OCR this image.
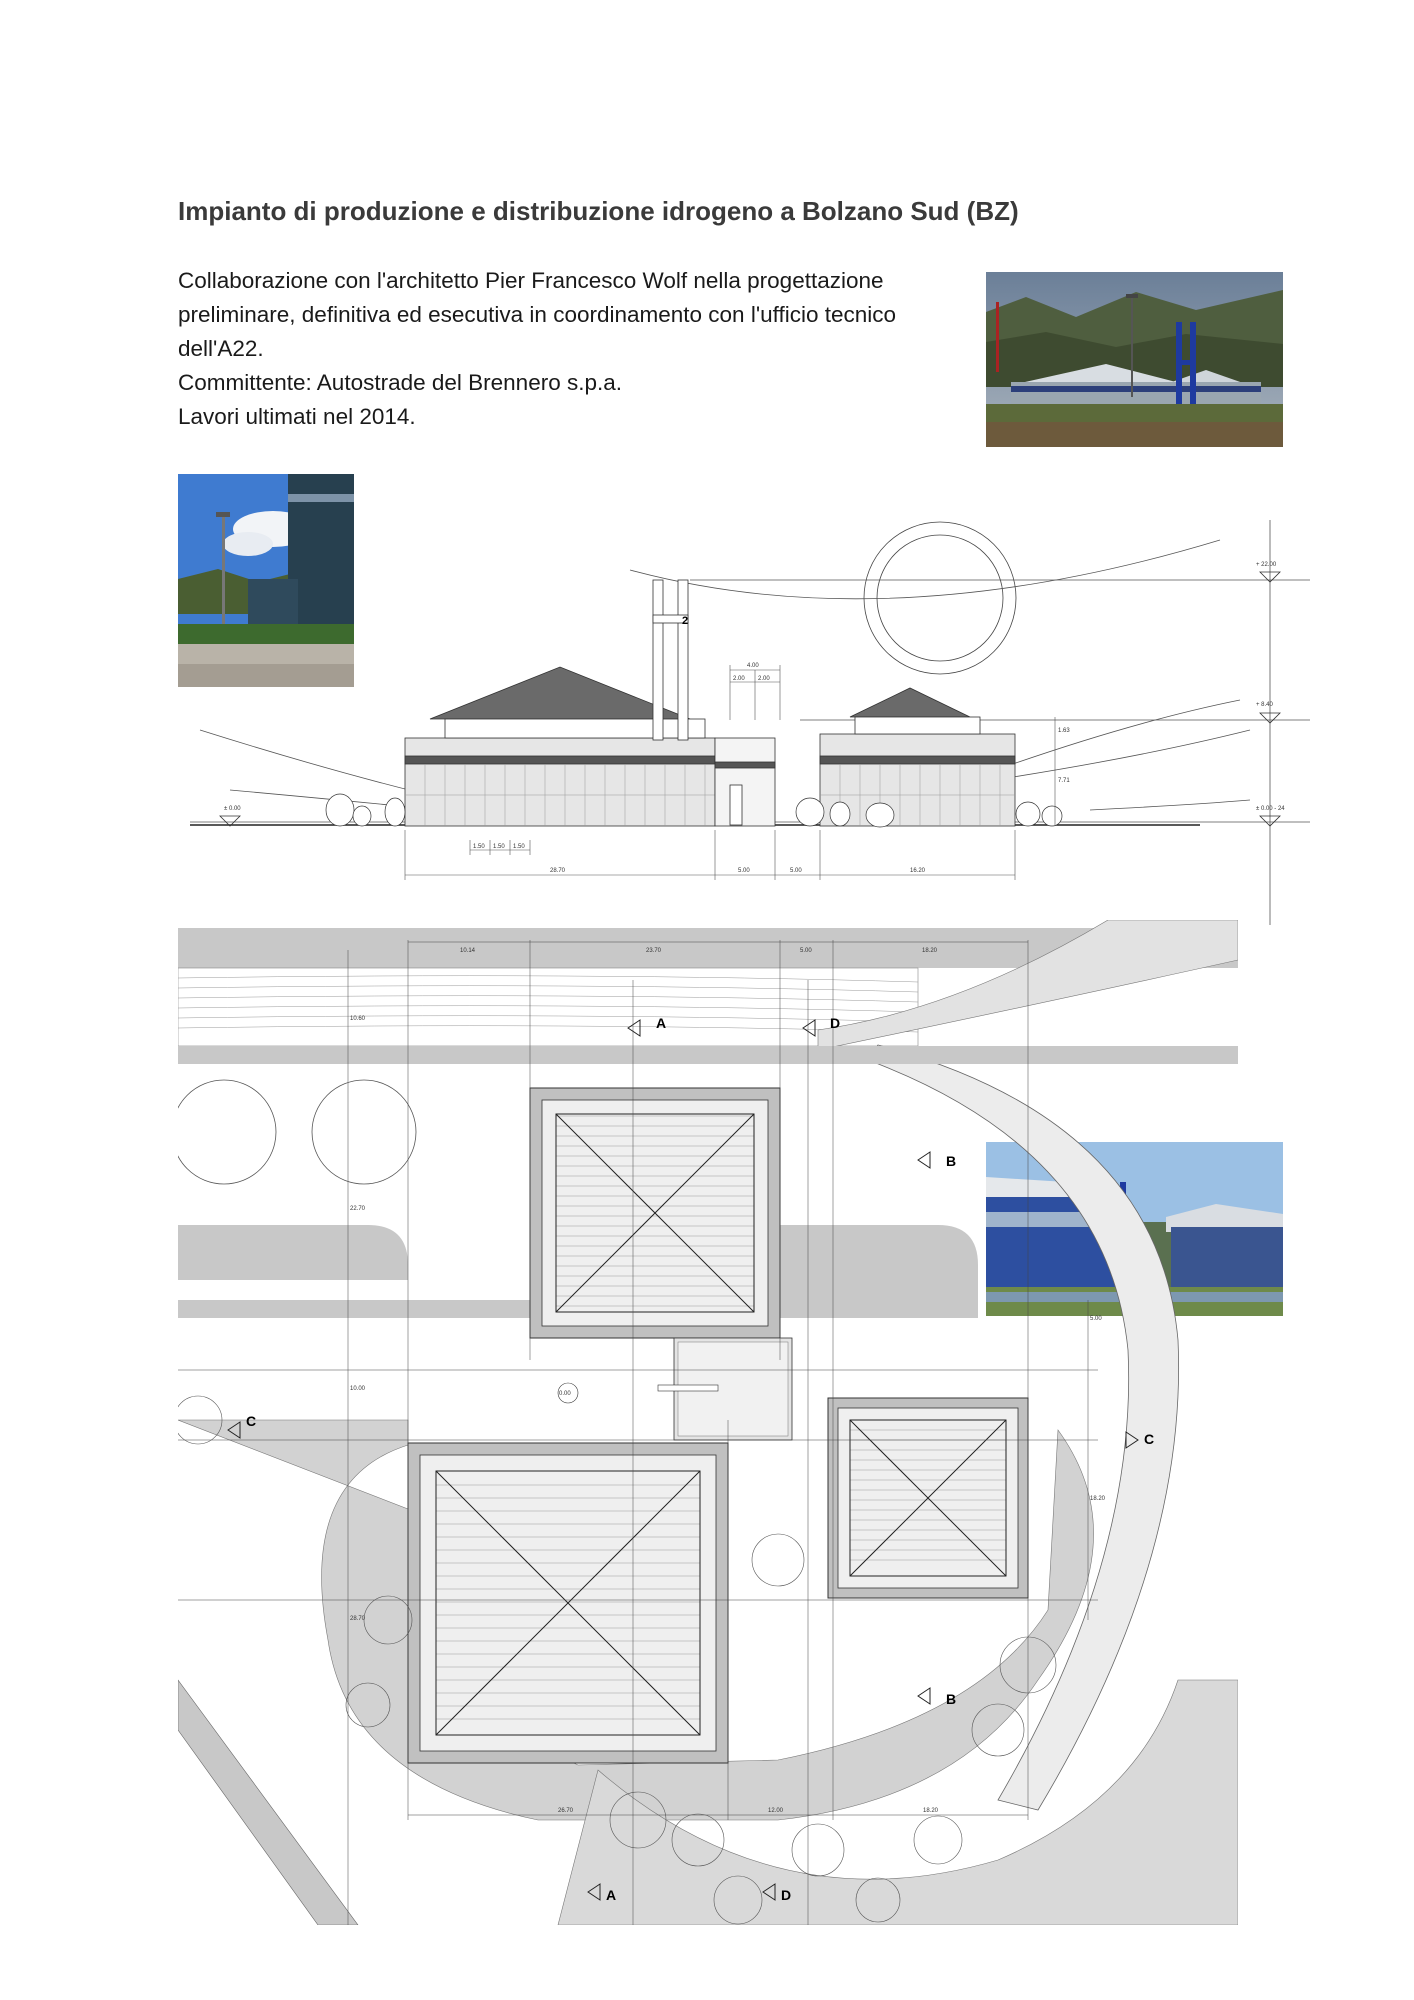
Impianto di produzione e distribuzione idrogeno a Bolzano Sud (BZ)
Collaborazione con l'architetto Pier Francesco Wolf nella progettazione
preliminare, definitiva ed esecutiva in coordinamento con l'ufficio tecnico
dell'A22.
Committente: Autostrade del Brennero s.p.a.
Lavori ultimati nel 2014.
2
+ 22.00
+ 8.40
± 0.00 - 24
± 0.00
28.70	5.00	5.00	16.20
1.50 1.50 1.50
4.00
2.00 2.00
1.63
7.71
A	D
B
C
C
B
A	D
10.14	23.70	5.00	18.20
26.70	12.00	18.20
10.60
22.70
10.00
28.70
5.00
18.20
0.00
